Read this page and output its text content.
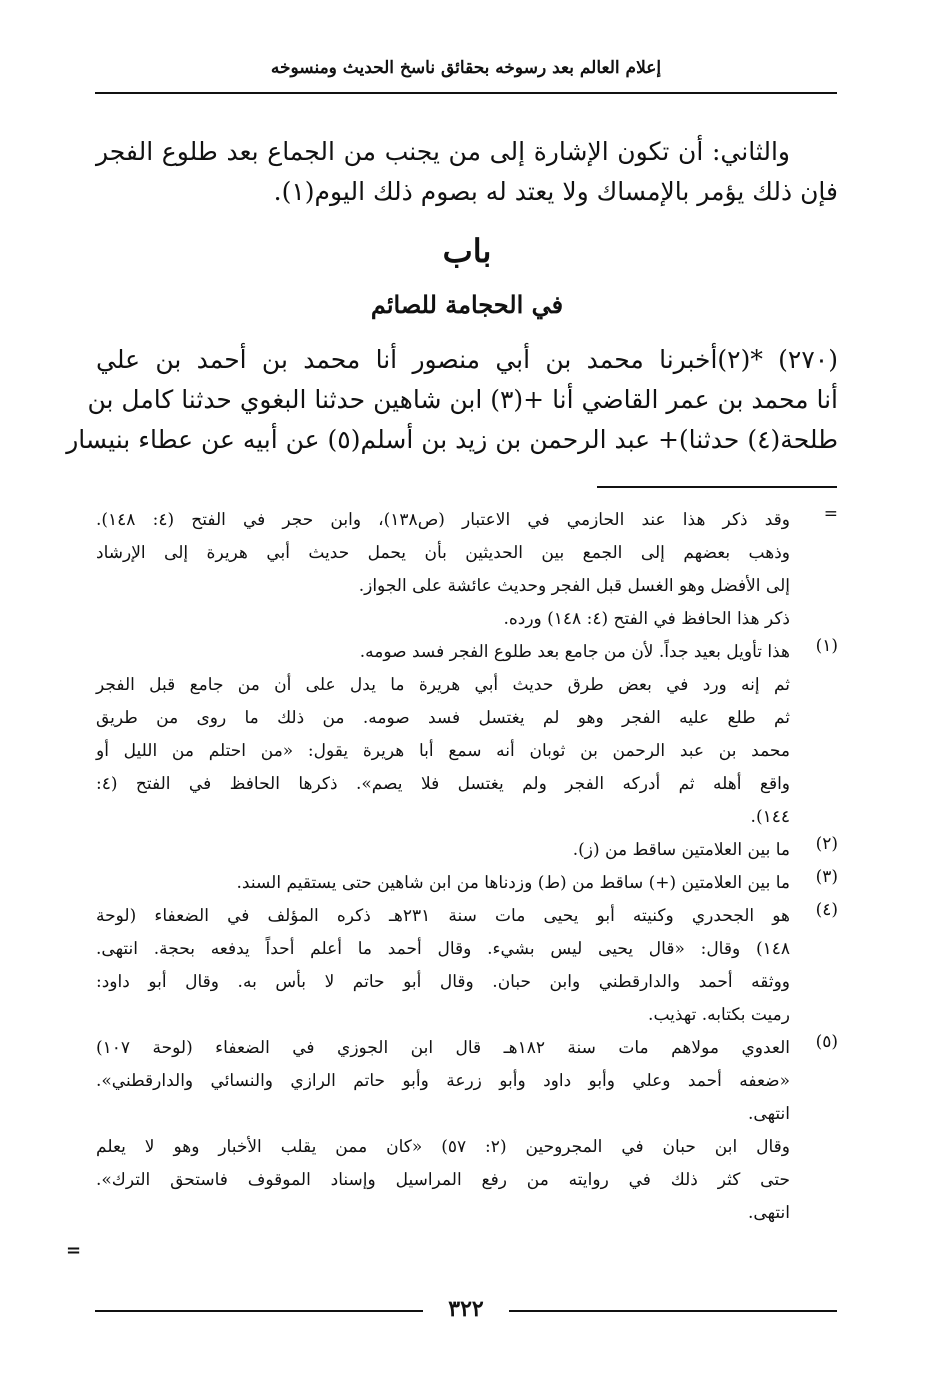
إعلام العالم بعد رسوخه بحقائق ناسخ الحديث ومنسوخه
والثاني: أن تكون الإشارة إلى من يجنب من الجماع بعد طلوع الفجر
فإن ذلك يؤمر بالإمساك ولا يعتد له بصوم ذلك اليوم(١).
باب
في الحجامة للصائم
(٢٧٠) *(٢)أخبرنا محمد بن أبي منصور أنا محمد بن أحمد بن علي
أنا محمد بن عمر القاضي أنا +(٣) ابن شاهين حدثنا البغوي حدثنا كامل بن
طلحة(٤) حدثنا)+ عبد الرحمن بن زيد بن أسلم(٥) عن أبيه عن عطاء بنيسار
=
وقد ذكر هذا عند الحازمي في الاعتبار (ص١٣٨)، وابن حجر في الفتح (٤: ١٤٨).
وذهب بعضهم إلى الجمع بين الحديثين بأن يحمل حديث أبي هريرة إلى الإرشاد
إلى الأفضل وهو الغسل قبل الفجر وحديث عائشة على الجواز.
ذكر هذا الحافظ في الفتح (٤: ١٤٨) ورده.
(١)
هذا تأويل بعيد جداً. لأن من جامع بعد طلوع الفجر فسد صومه.
ثم إنه ورد في بعض طرق حديث أبي هريرة ما يدل على أن من جامع قبل الفجر
ثم طلع عليه الفجر وهو لم يغتسل فسد صومه. من ذلك ما روى من طريق
محمد بن عبد الرحمن بن ثوبان أنه سمع أبا هريرة يقول: «من احتلم من الليل أو
واقع أهله ثم أدركه الفجر ولم يغتسل فلا يصم». ذكرها الحافظ في الفتح (٤:
١٤٤).
(٢)
ما بين العلامتين ساقط من (ز).
(٣)
ما بين العلامتين (+) ساقط من (ط) وزدناها من ابن شاهين حتى يستقيم السند.
(٤)
هو الجحدري وكنيته أبو يحيى مات سنة ٢٣١هـ ذكره المؤلف في الضعفاء (لوحة
١٤٨) وقال: «قال يحيى ليس بشيء. وقال أحمد ما أعلم أحداً يدفعه بحجة. انتهى.
ووثقه أحمد والدارقطني وابن حبان. وقال أبو حاتم لا بأس به. وقال أبو داود:
رميت بكتابه. تهذيب.
(٥)
العدوي مولاهم مات سنة ١٨٢هـ قال ابن الجوزي في الضعفاء (لوحة ١٠٧)
«ضعفه أحمد وعلي وأبو داود وأبو زرعة وأبو حاتم الرازي والنسائي والدارقطني».
انتهى.
وقال ابن حبان في المجروحين (٢: ٥٧) «كان ممن يقلب الأخبار وهو لا يعلم
حتى كثر ذلك في روايته من رفع المراسيل وإسناد الموقوف فاستحق الترك».
انتهى.
=
٣٢٢
